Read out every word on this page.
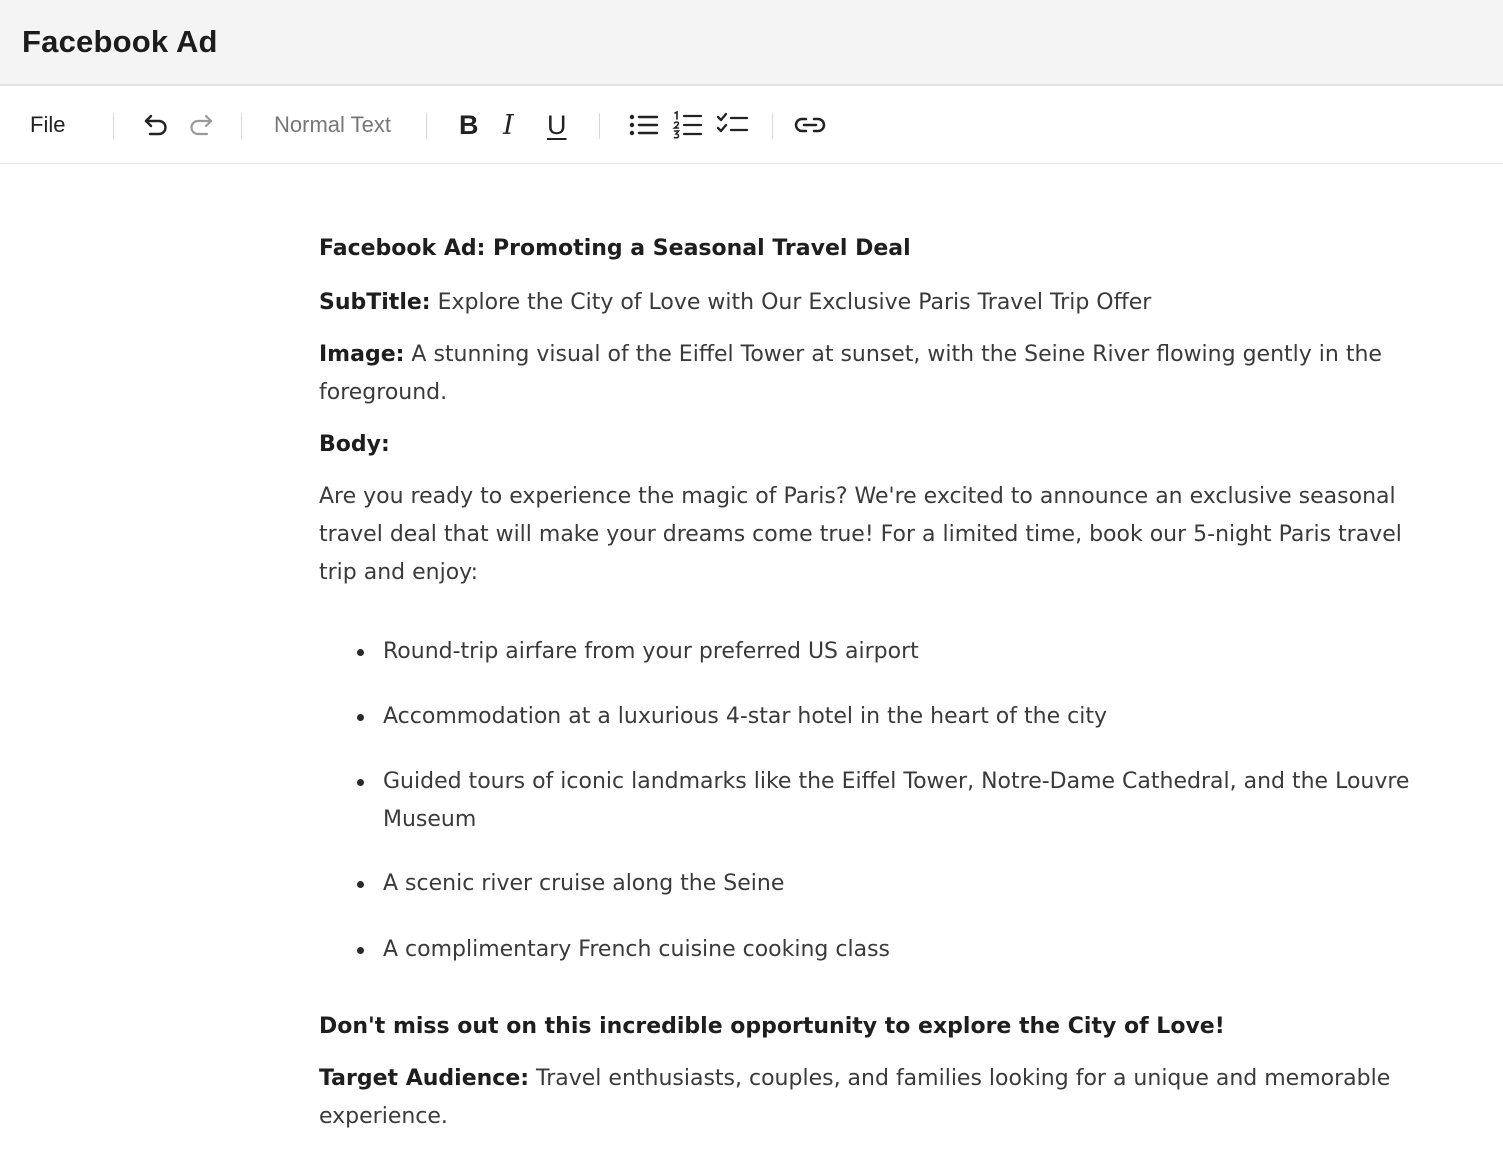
Facebook Ad
File	Normal Text	B I U

Facebook Ad: Promoting a Seasonal Travel Deal

SubTitle: Explore the City of Love with Our Exclusive Paris Travel Trip Offer

Image: A stunning visual of the Eiffel Tower at sunset, with the Seine River flowing gently in the foreground.

Body:

Are you ready to experience the magic of Paris? We're excited to announce an exclusive seasonal travel deal that will make your dreams come true! For a limited time, book our 5-night Paris travel trip and enjoy:

Round-trip airfare from your preferred US airport
Accommodation at a luxurious 4-star hotel in the heart of the city
Guided tours of iconic landmarks like the Eiffel Tower, Notre-Dame Cathedral, and the Louvre Museum
A scenic river cruise along the Seine
A complimentary French cuisine cooking class

Don't miss out on this incredible opportunity to explore the City of Love!

Target Audience: Travel enthusiasts, couples, and families looking for a unique and memorable experience.
